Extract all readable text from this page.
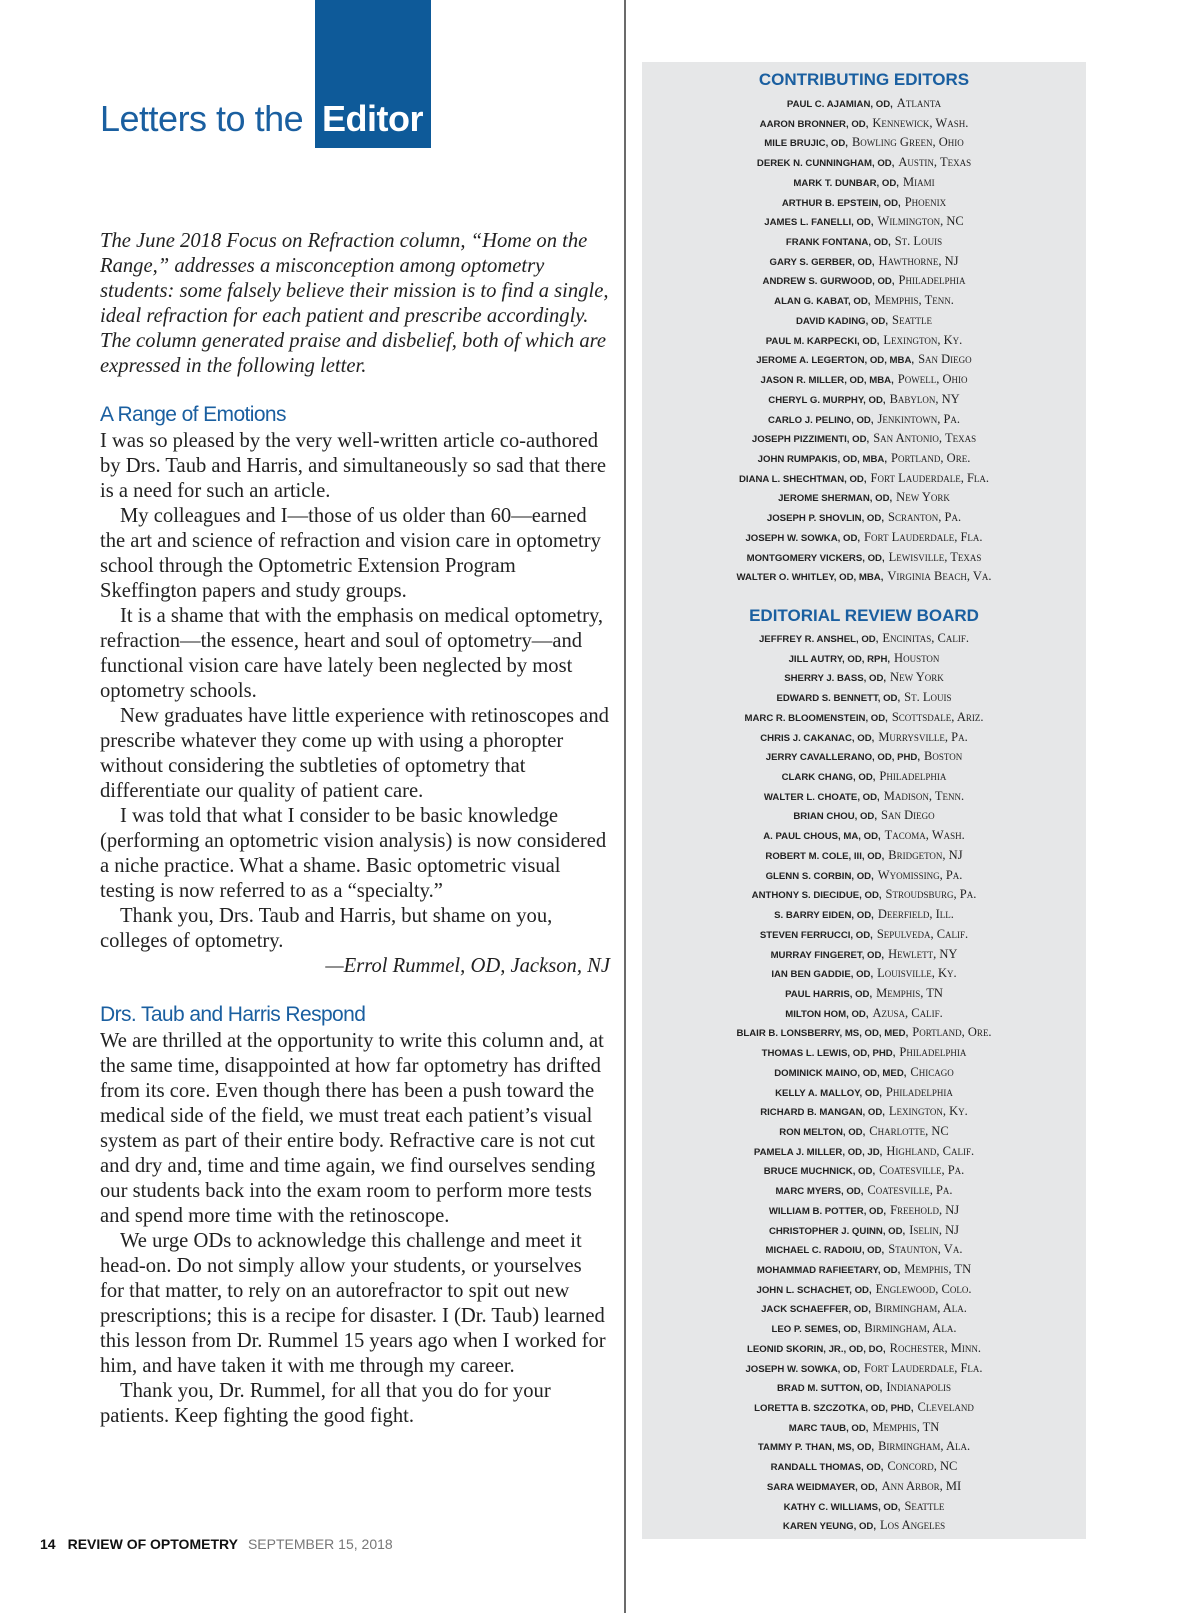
Letters to the Editor

The June 2018 Focus on Refraction column, “Home on the Range,” addresses a misconception among optometry students: some falsely believe their mission is to find a single, ideal refraction for each patient and prescribe accordingly. The column generated praise and disbelief, both of which are expressed in the following letter.

A Range of Emotions

I was so pleased by the very well-written article co-authored by Drs. Taub and Harris, and simultaneously so sad that there is a need for such an article.

My colleagues and I—those of us older than 60—earned the art and science of refraction and vision care in optometry school through the Optometric Extension Program Skeffington papers and study groups.

It is a shame that with the emphasis on medical optometry, refraction—the essence, heart and soul of optometry—and functional vision care have lately been neglected by most optometry schools.

New graduates have little experience with retinoscopes and prescribe whatever they come up with using a phoropter without considering the subtleties of optometry that differentiate our quality of patient care.

I was told that what I consider to be basic knowledge (performing an optometric vision analysis) is now considered a niche practice. What a shame. Basic optometric visual testing is now referred to as a “specialty.”

Thank you, Drs. Taub and Harris, but shame on you, colleges of optometry.

—Errol Rummel, OD, Jackson, NJ

Drs. Taub and Harris Respond

We are thrilled at the opportunity to write this column and, at the same time, disappointed at how far optometry has drifted from its core. Even though there has been a push toward the medical side of the field, we must treat each patient’s visual system as part of their entire body. Refractive care is not cut and dry and, time and time again, we find ourselves sending our students back into the exam room to perform more tests and spend more time with the retinoscope.

We urge ODs to acknowledge this challenge and meet it head-on. Do not simply allow your students, or yourselves for that matter, to rely on an autorefractor to spit out new prescriptions; this is a recipe for disaster. I (Dr. Taub) learned this lesson from Dr. Rummel 15 years ago when I worked for him, and have taken it with me through my career.

Thank you, Dr. Rummel, for all that you do for your patients. Keep fighting the good fight.

14 REVIEW OF OPTOMETRY SEPTEMBER 15, 2018
CONTRIBUTING EDITORS
PAUL C. AJAMIAN, OD, Atlanta
AARON BRONNER, OD, Kennewick, Wash.
MILE BRUJIC, OD, Bowling Green, Ohio
DEREK N. CUNNINGHAM, OD, Austin, Texas
MARK T. DUNBAR, OD, Miami
ARTHUR B. EPSTEIN, OD, Phoenix
JAMES L. FANELLI, OD, Wilmington, NC
FRANK FONTANA, OD, St. Louis
GARY S. GERBER, OD, Hawthorne, NJ
ANDREW S. GURWOOD, OD, Philadelphia
ALAN G. KABAT, OD, Memphis, Tenn.
DAVID KADING, OD, Seattle
PAUL M. KARPECKI, OD, Lexington, Ky.
JEROME A. LEGERTON, OD, MBA, San Diego
JASON R. MILLER, OD, MBA, Powell, Ohio
CHERYL G. MURPHY, OD, Babylon, NY
CARLO J. PELINO, OD, Jenkintown, Pa.
JOSEPH PIZZIMENTI, OD, San Antonio, Texas
JOHN RUMPAKIS, OD, MBA, Portland, Ore.
DIANA L. SHECHTMAN, OD, Fort Lauderdale, Fla.
JEROME SHERMAN, OD, New York
JOSEPH P. SHOVLIN, OD, Scranton, Pa.
JOSEPH W. SOWKA, OD, Fort Lauderdale, Fla.
MONTGOMERY VICKERS, OD, Lewisville, Texas
WALTER O. WHITLEY, OD, MBA, Virginia Beach, Va.
EDITORIAL REVIEW BOARD
JEFFREY R. ANSHEL, OD, Encinitas, Calif.
JILL AUTRY, OD, RPH, Houston
SHERRY J. BASS, OD, New York
EDWARD S. BENNETT, OD, St. Louis
MARC R. BLOOMENSTEIN, OD, Scottsdale, Ariz.
CHRIS J. CAKANAC, OD, Murrysville, Pa.
JERRY CAVALLERANO, OD, PHD, Boston
CLARK CHANG, OD, Philadelphia
WALTER L. CHOATE, OD, Madison, Tenn.
BRIAN CHOU, OD, San Diego
A. PAUL CHOUS, MA, OD, Tacoma, Wash.
ROBERT M. COLE, III, OD, Bridgeton, NJ
GLENN S. CORBIN, OD, Wyomissing, Pa.
ANTHONY S. DIECIDUE, OD, Stroudsburg, Pa.
S. BARRY EIDEN, OD, Deerfield, Ill.
STEVEN FERRUCCI, OD, Sepulveda, Calif.
MURRAY FINGERET, OD, Hewlett, NY
IAN BEN GADDIE, OD, Louisville, Ky.
PAUL HARRIS, OD, Memphis, TN
MILTON HOM, OD, Azusa, Calif.
BLAIR B. LONSBERRY, MS, OD, MED, Portland, Ore.
THOMAS L. LEWIS, OD, PHD, Philadelphia
DOMINICK MAINO, OD, MED, Chicago
KELLY A. MALLOY, OD, Philadelphia
RICHARD B. MANGAN, OD, Lexington, Ky.
RON MELTON, OD, Charlotte, NC
PAMELA J. MILLER, OD, JD, Highland, Calif.
BRUCE MUCHNICK, OD, Coatesville, Pa.
MARC MYERS, OD, Coatesville, Pa.
WILLIAM B. POTTER, OD, Freehold, NJ
CHRISTOPHER J. QUINN, OD, Iselin, NJ
MICHAEL C. RADOIU, OD, Staunton, Va.
MOHAMMAD RAFIEETARY, OD, Memphis, TN
JOHN L. SCHACHET, OD, Englewood, Colo.
JACK SCHAEFFER, OD, Birmingham, Ala.
LEO P. SEMES, OD, Birmingham, Ala.
LEONID SKORIN, JR., OD, DO, Rochester, Minn.
JOSEPH W. SOWKA, OD, Fort Lauderdale, Fla.
BRAD M. SUTTON, OD, Indianapolis
LORETTA B. SZCZOTKA, OD, PHD, Cleveland
MARC TAUB, OD, Memphis, TN
TAMMY P. THAN, MS, OD, Birmingham, Ala.
RANDALL THOMAS, OD, Concord, NC
SARA WEIDMAYER, OD, Ann Arbor, MI
KATHY C. WILLIAMS, OD, Seattle
KAREN YEUNG, OD, Los Angeles
